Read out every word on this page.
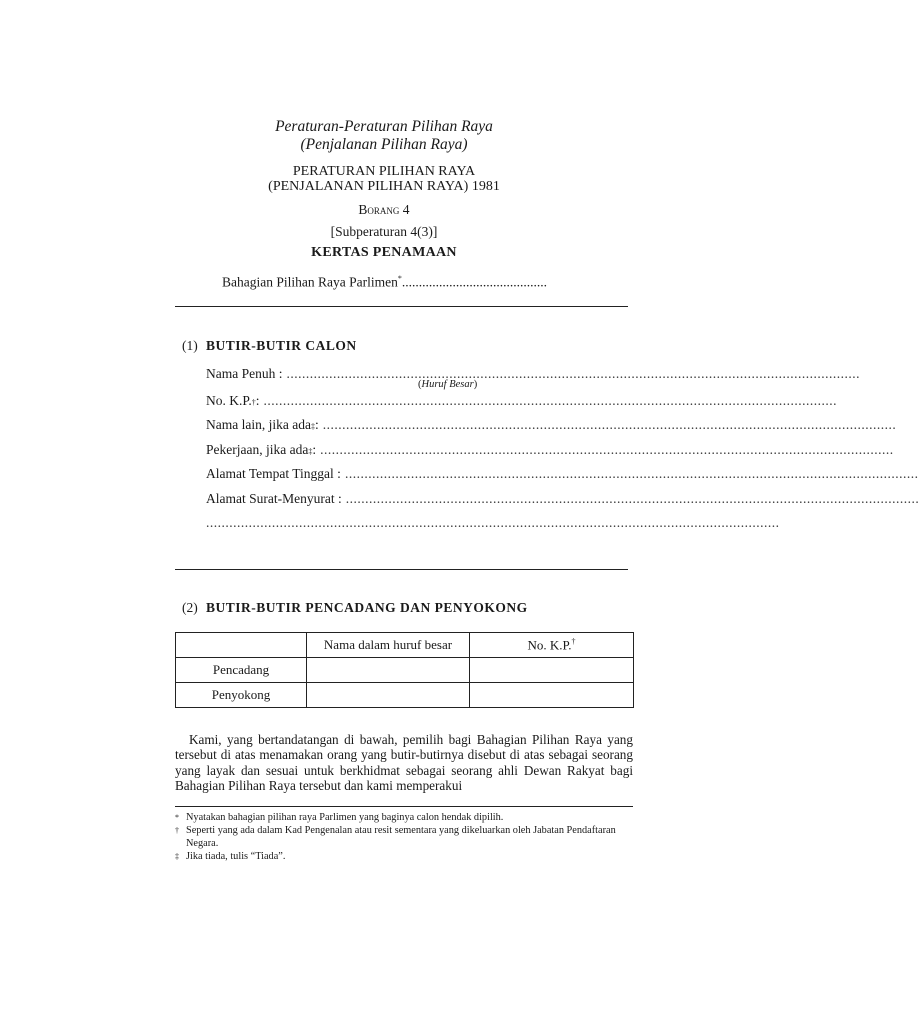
Peraturan-Peraturan Pilihan Raya
(Penjalanan Pilihan Raya)
PERATURAN PILIHAN RAYA
(PENJALANAN PILIHAN RAYA) 1981
Borang 4
[Subperaturan 4(3)]
KERTAS PENAMAAN
Bahagian Pilihan Raya Parlimen*...........................................
(1) BUTIR-BUTIR CALON
Nama Penuh : ....................................................................................................................................................
(Huruf Besar)
No. K.P. † : ....................................................................................................................................................
Nama lain, jika ada ‡ : ....................................................................................................................................................
Pekerjaan, jika ada ‡ : ....................................................................................................................................................
Alamat Tempat Tinggal : ....................................................................................................................................................
Alamat Surat-Menyurat : ....................................................................................................................................................
....................................................................................................................................................
(2) BUTIR-BUTIR PENCADANG DAN PENYOKONG
	Nama dalam huruf besar	No. K.P.†
Pencadang		
Penyokong		
Kami, yang bertandatangan di bawah, pemilih bagi Bahagian Pilihan Raya yang tersebut di atas menamakan orang yang butir-butirnya disebut di atas sebagai seorang yang layak dan sesuai untuk berkhidmat sebagai seorang ahli Dewan Rakyat bagi Bahagian Pilihan Raya tersebut dan kami memperakui
* Nyatakan bahagian pilihan raya Parlimen yang baginya calon hendak dipilih.
† Seperti yang ada dalam Kad Pengenalan atau resit sementara yang dikeluarkan oleh Jabatan Pendaftaran Negara.
‡ Jika tiada, tulis “Tiada”.
